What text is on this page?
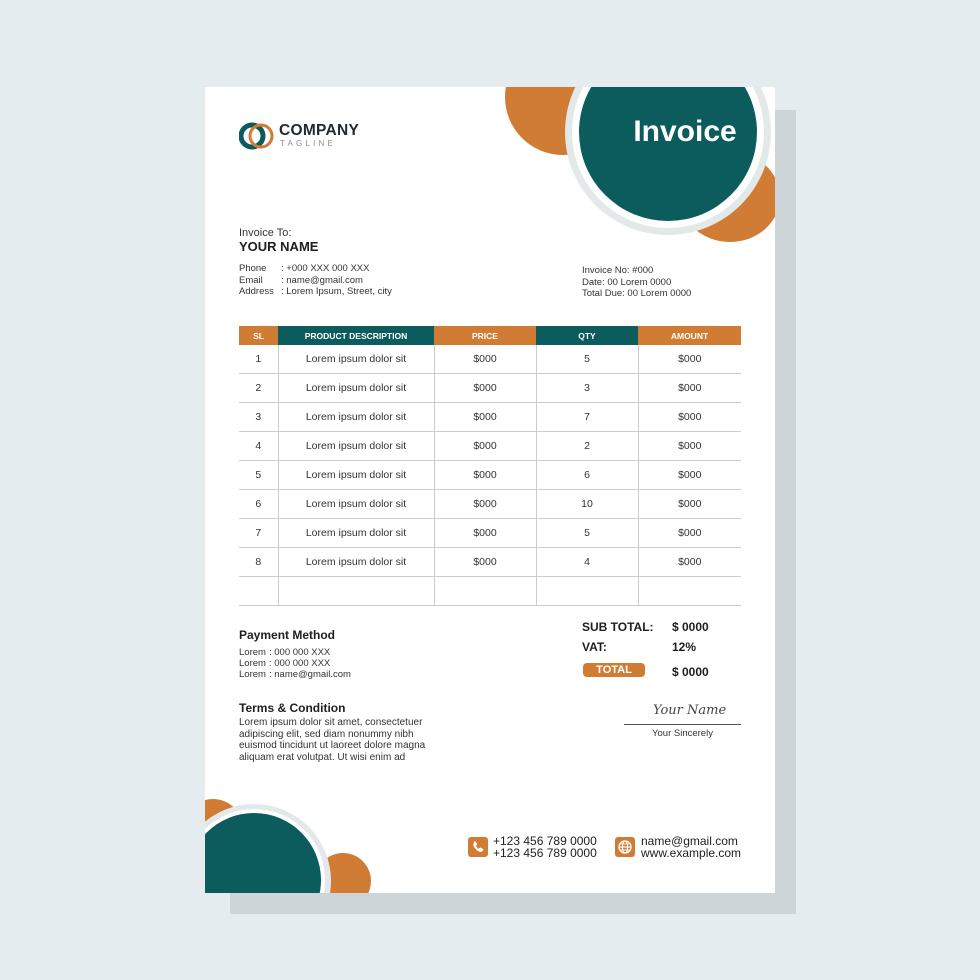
Invoice
COMPANY
TAGLINE
Invoice To:
YOUR NAME
Phone : +000 XXX 000 XXX
Email : name@gmail.com
Address : Lorem Ipsum, Street, city
Invoice No: #000
Date: 00 Lorem 0000
Total Due: 00 Lorem 0000
SL	PRODUCT DESCRIPTION	PRICE	QTY	AMOUNT
1	Lorem ipsum dolor sit	$000	5	$000
2	Lorem ipsum dolor sit	$000	3	$000
3	Lorem ipsum dolor sit	$000	7	$000
4	Lorem ipsum dolor sit	$000	2	$000
5	Lorem ipsum dolor sit	$000	6	$000
6	Lorem ipsum dolor sit	$000	10	$000
7	Lorem ipsum dolor sit	$000	5	$000
8	Lorem ipsum dolor sit	$000	4	$000

SUB TOTAL: $ 0000
VAT:	12%
TOTAL	$ 0000
Payment Method
Lorem : 000 000 XXX
Lorem : 000 000 XXX
Lorem : name@gmail.com
Terms & Condition
Lorem ipsum dolor sit amet, consectetuer adipiscing elit, sed diam nonummy nibh euismod tincidunt ut laoreet dolore magna aliquam erat volutpat. Ut wisi enim ad
Your Name
Your Sincerely
+123 456 789 0000
+123 456 789 0000
name@gmail.com
www.example.com
